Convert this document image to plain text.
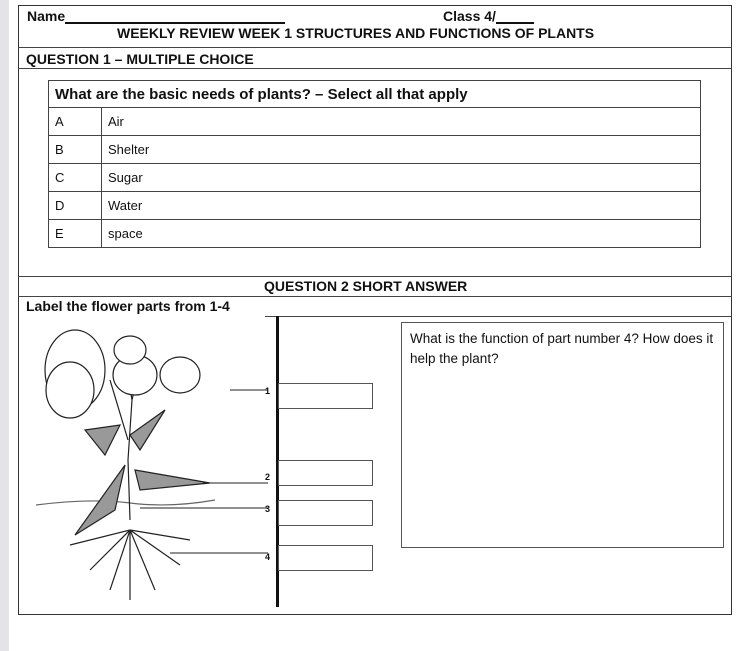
Name	Class 4/
WEEKLY REVIEW WEEK 1 STRUCTURES AND FUNCTIONS OF PLANTS
QUESTION 1 – MULTIPLE CHOICE
What are the basic needs of plants? – Select all that apply	
A	Air
B	Shelter
C	Sugar
D	Water
E	space
QUESTION 2 SHORT ANSWER
Label the flower parts from 1-4
1
2
3
4
What is the function of part number 4? How does it help the plant?
